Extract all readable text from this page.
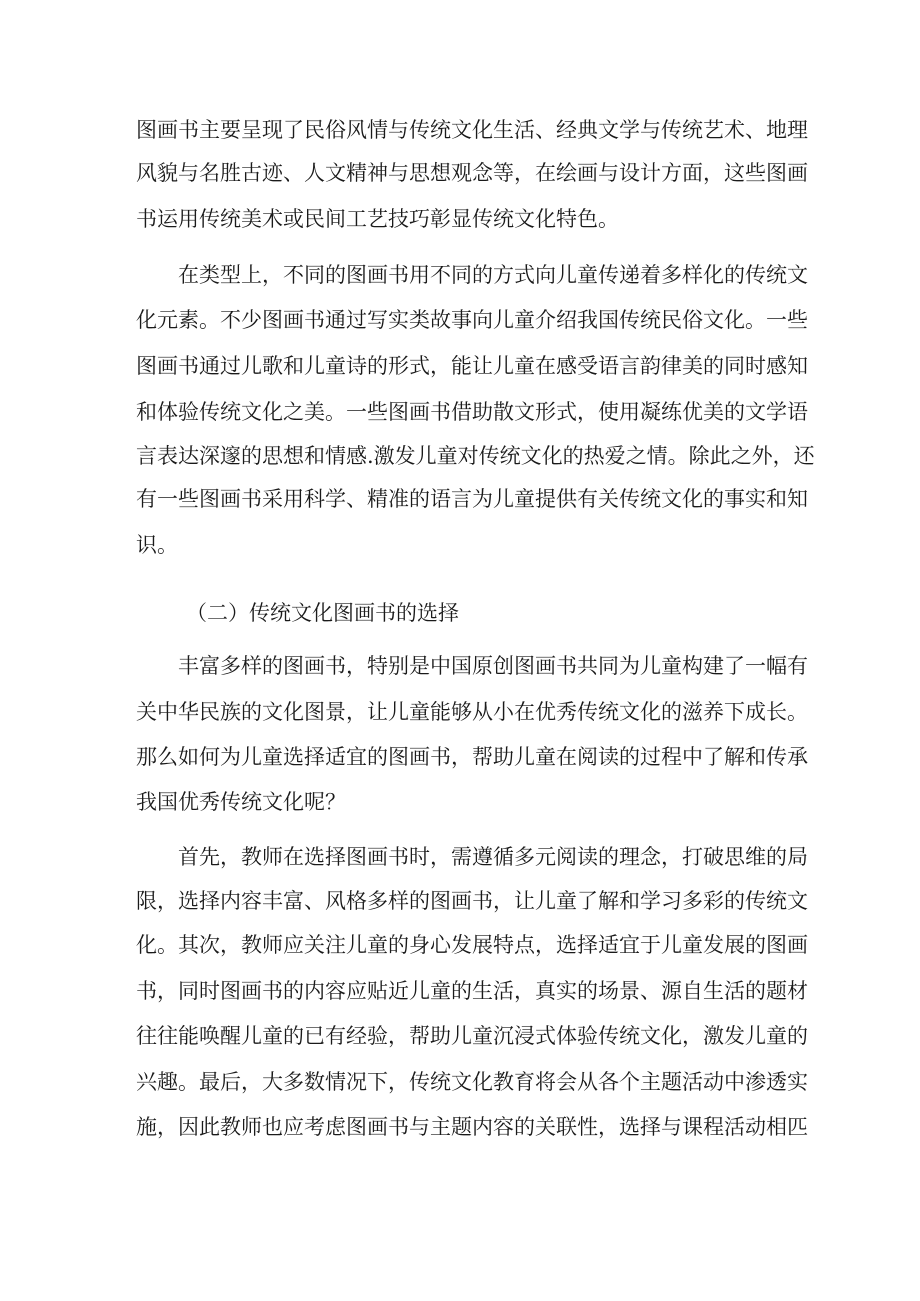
图画书主要呈现了民俗风情与传统文化生活、经典文学与传统艺术、地理

风貌与名胜古迹、人文精神与思想观念等，在绘画与设计方面，这些图画

书运用传统美术或民间工艺技巧彰显传统文化特色。

在类型上，不同的图画书用不同的方式向儿童传递着多样化的传统文

化元素。不少图画书通过写实类故事向儿童介绍我国传统民俗文化。一些

图画书通过儿歌和儿童诗的形式，能让儿童在感受语言韵律美的同时感知

和体验传统文化之美。一些图画书借助散文形式，使用凝练优美的文学语

言表达深邃的思想和情感.激发儿童对传统文化的热爱之情。除此之外，还

有一些图画书采用科学、精准的语言为儿童提供有关传统文化的事实和知

识。

（二）传统文化图画书的选择

丰富多样的图画书，特别是中国原创图画书共同为儿童构建了一幅有

关中华民族的文化图景，让儿童能够从小在优秀传统文化的滋养下成长。

那么如何为儿童选择适宜的图画书，帮助儿童在阅读的过程中了解和传承

我国优秀传统文化呢？

首先，教师在选择图画书时，需遵循多元阅读的理念，打破思维的局

限，选择内容丰富、风格多样的图画书，让儿童了解和学习多彩的传统文

化。其次，教师应关注儿童的身心发展特点，选择适宜于儿童发展的图画

书，同时图画书的内容应贴近儿童的生活，真实的场景、源自生活的题材

往往能唤醒儿童的已有经验，帮助儿童沉浸式体验传统文化，激发儿童的

兴趣。最后，大多数情况下，传统文化教育将会从各个主题活动中渗透实

施，因此教师也应考虑图画书与主题内容的关联性，选择与课程活动相匹
